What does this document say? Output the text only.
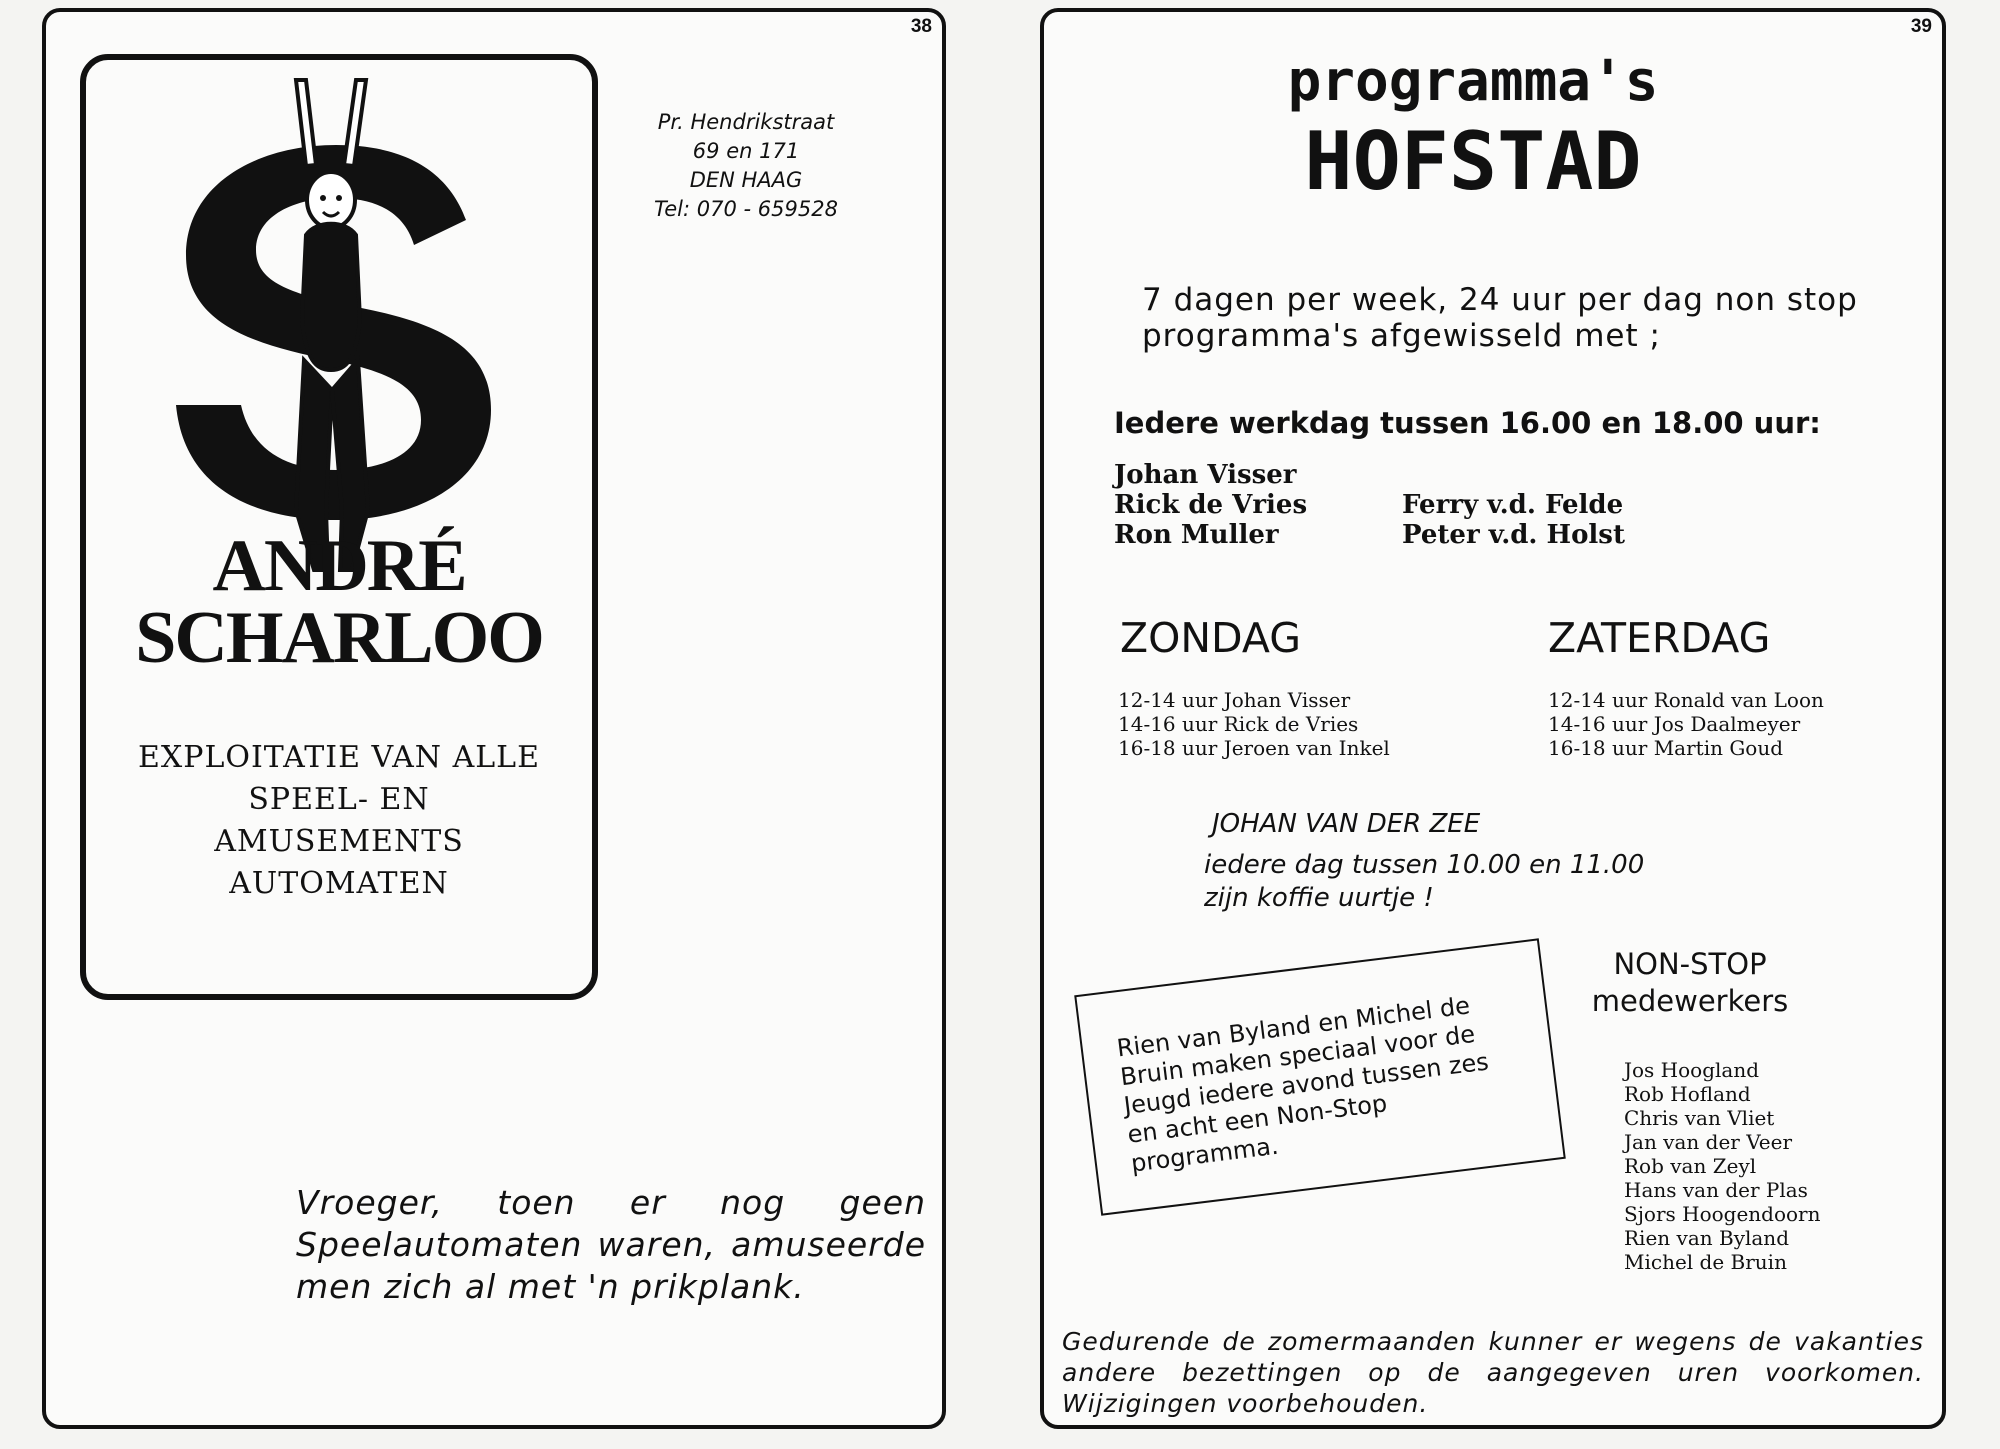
38
ANDRÉ
SCHARLOO
EXPLOITATIE VAN ALLE
SPEEL- EN
AMUSEMENTS
AUTOMATEN
Pr. Hendrikstraat
69 en 171
DEN HAAG
Tel: 070 - 659528
Vroeger, toen er nog geen Speelautomaten waren, amuseerde men zich al met 'n prikplank.
39
programma's
HOFSTAD
7 dagen per week, 24 uur per dag non stop programma's afgewisseld met ;
Iedere werkdag tussen 16.00 en 18.00 uur:
Johan Visser
Rick de Vries
Ron Muller
Ferry v.d. Felde
Peter v.d. Holst
ZONDAG
12-14 uur Johan Visser
14-16 uur Rick de Vries
16-18 uur Jeroen van Inkel
ZATERDAG
12-14 uur Ronald van Loon
14-16 uur Jos Daalmeyer
16-18 uur Martin Goud
JOHAN VAN DER ZEE
iedere dag tussen 10.00 en 11.00
zijn koffie uurtje !
Rien van Byland en Michel de Bruin maken speciaal voor de Jeugd iedere avond tussen zes en acht een Non-Stop programma.
NON-STOP
medewerkers
Jos Hoogland
Rob Hofland
Chris van Vliet
Jan van der Veer
Rob van Zeyl
Hans van der Plas
Sjors Hoogendoorn
Rien van Byland
Michel de Bruin
Gedurende de zomermaanden kunner er wegens de vakanties andere bezettingen op de aangegeven uren voorkomen. Wijzigingen voorbehouden.
